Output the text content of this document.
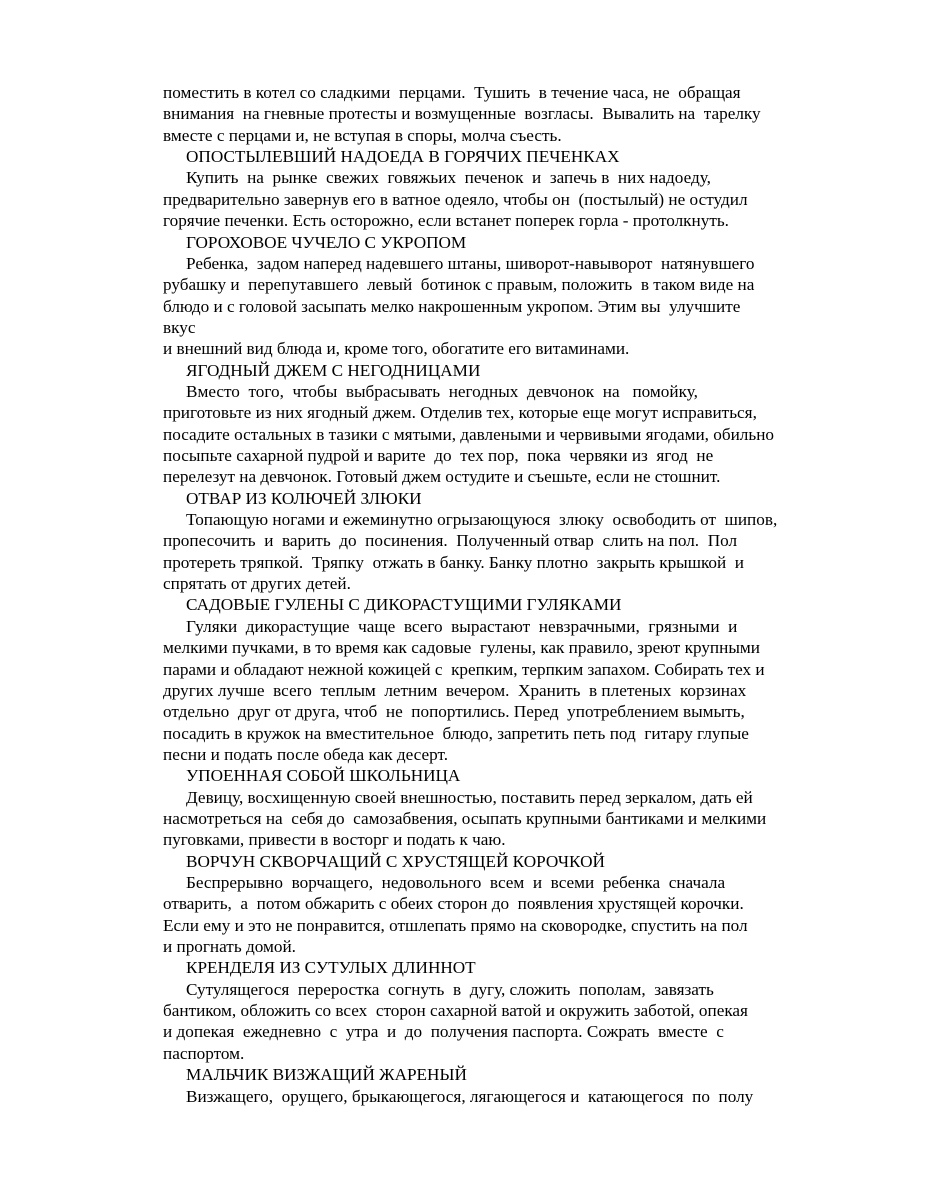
поместить в котел со сладкими  перцами.  Тушить  в течение часа, не  обращая

внимания  на гневные протесты и возмущенные  возгласы.  Вывалить на  тарелку

вместе с перцами и, не вступая в споры, молча съесть.

ОПОСТЫЛЕВШИЙ НАДОЕДА В ГОРЯЧИХ ПЕЧЕНКАХ

Купить  на  рынке  свежих  говяжьих  печенок  и  запечь в  них надоеду,

предварительно завернув его в ватное одеяло, чтобы он  (постылый) не остудил

горячие печенки. Есть осторожно, если встанет поперек горла - протолкнуть.

ГОРОХОВОЕ ЧУЧЕЛО С УКРОПОМ

Ребенка,  задом наперед надевшего штаны, шиворот-навыворот  натянувшего

рубашку и  перепутавшего  левый  ботинок с правым, положить  в таком виде на

блюдо и с головой засыпать мелко накрошенным укропом. Этим вы  улучшите

вкус

и внешний вид блюда и, кроме того, обогатите его витаминами.

ЯГОДНЫЙ ДЖЕМ С НЕГОДНИЦАМИ

Вместо  того,  чтобы  выбрасывать  негодных  девчонок  на   помойку,

приготовьте из них ягодный джем. Отделив тех, которые еще могут исправиться,

посадите остальных в тазики с мятыми, давлеными и червивыми ягодами, обильно

посыпьте сахарной пудрой и варите  до  тех пор,  пока  червяки из  ягод  не

перелезут на девчонок. Готовый джем остудите и съешьте, если не стошнит.

ОТВАР ИЗ КОЛЮЧЕЙ ЗЛЮКИ

Топающую ногами и ежеминутно огрызающуюся  злюку  освободить от  шипов,

пропесочить  и  варить  до  посинения.  Полученный отвар  слить на пол.  Пол

протереть тряпкой.  Тряпку  отжать в банку. Банку плотно  закрыть крышкой  и

спрятать от других детей.

САДОВЫЕ ГУЛЕНЫ С ДИКОРАСТУЩИМИ ГУЛЯКАМИ

Гуляки  дикорастущие  чаще  всего  вырастают  невзрачными,  грязными  и

мелкими пучками, в то время как садовые  гулены, как правило, зреют крупными

парами и обладают нежной кожицей с  крепким, терпким запахом. Собирать тех и

других лучше  всего  теплым  летним  вечером.  Хранить  в плетеных  корзинах

отдельно  друг от друга, чтоб  не  попортились. Перед  употреблением вымыть,

посадить в кружок на вместительное  блюдо, запретить петь под  гитару глупые

песни и подать после обеда как десерт.

УПОЕННАЯ СОБОЙ ШКОЛЬНИЦА

Девицу, восхищенную своей внешностью, поставить перед зеркалом, дать ей

насмотреться на  себя до  самозабвения, осыпать крупными бантиками и мелкими

пуговками, привести в восторг и подать к чаю.

ВОРЧУН СКВОРЧАЩИЙ С ХРУСТЯЩЕЙ КОРОЧКОЙ

Беспрерывно  ворчащего,  недовольного  всем  и  всеми  ребенка  сначала

отварить,  а  потом обжарить с обеих сторон до  появления хрустящей корочки.

Если ему и это не понравится, отшлепать прямо на сковородке, спустить на пол

и прогнать домой.

КРЕНДЕЛЯ ИЗ СУТУЛЫХ ДЛИННОТ

Сутулящегося  переростка  согнуть  в  дугу, сложить  пополам,  завязать

бантиком, обложить со всех  сторон сахарной ватой и окружить заботой, опекая

и допекая  ежедневно  с  утра  и  до  получения паспорта. Сожрать  вместе  с

паспортом.

МАЛЬЧИК ВИЗЖАЩИЙ ЖАРЕНЫЙ

Визжащего,  орущего, брыкающегося, лягающегося и  катающегося  по  полу
